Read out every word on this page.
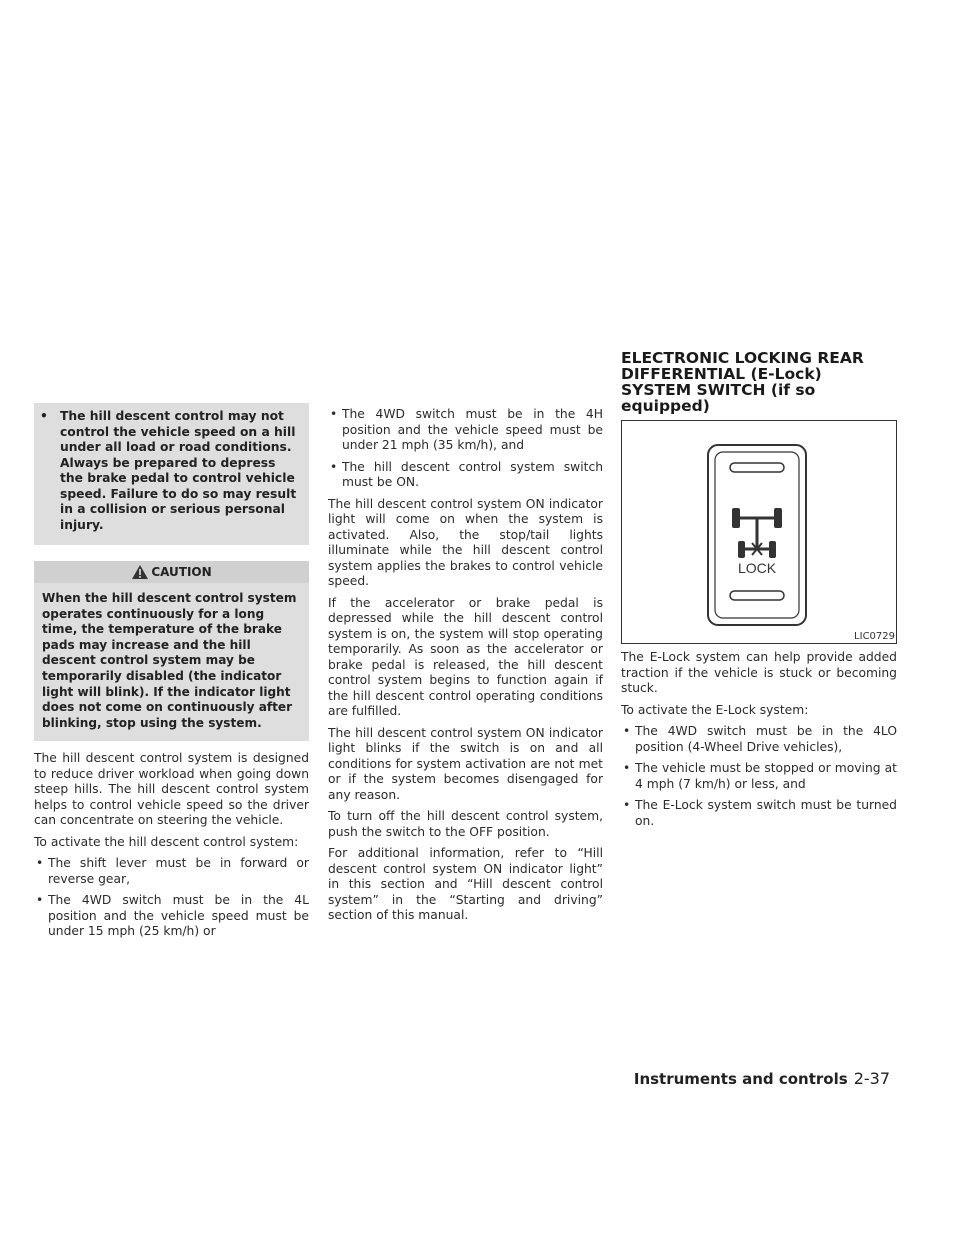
• The hill descent control may not control the vehicle speed on a hill under all load or road conditions. Always be prepared to depress the brake pedal to control vehicle speed. Failure to do so may result in a collision or serious personal injury.
CAUTION
When the hill descent control system operates continuously for a long time, the temperature of the brake pads may increase and the hill descent control system may be temporarily disabled (the indicator light will blink). If the indicator light does not come on continuously after blinking, stop using the system.

The hill descent control system is designed to reduce driver workload when going down steep hills. The hill descent control system helps to control vehicle speed so the driver can concentrate on steering the vehicle.

To activate the hill descent control system:

• The shift lever must be in forward or reverse gear,
• The 4WD switch must be in the 4L position and the vehicle speed must be under 15 mph (25 km/h) or
• The 4WD switch must be in the 4H position and the vehicle speed must be under 21 mph (35 km/h), and
• The hill descent control system switch must be ON.

The hill descent control system ON indicator light will come on when the system is activated. Also, the stop/tail lights illuminate while the hill descent control system applies the brakes to control vehicle speed.

If the accelerator or brake pedal is depressed while the hill descent control system is on, the system will stop operating temporarily. As soon as the accelerator or brake pedal is released, the hill descent control system begins to function again if the hill descent control operating conditions are fulfilled.

The hill descent control system ON indicator light blinks if the switch is on and all conditions for system activation are not met or if the system becomes disengaged for any reason.

To turn off the hill descent control system, push the switch to the OFF position.

For additional information, refer to “Hill descent control system ON indicator light” in this section and “Hill descent control system” in the “Starting and driving” section of this manual.

ELECTRONIC LOCKING REAR DIFFERENTIAL (E-Lock) SYSTEM SWITCH (if so equipped)
LOCK
LIC0729

The E-Lock system can help provide added traction if the vehicle is stuck or becoming stuck.

To activate the E-Lock system:

• The 4WD switch must be in the 4LO position (4-Wheel Drive vehicles),
• The vehicle must be stopped or moving at 4 mph (7 km/h) or less, and
• The E-Lock system switch must be turned on.
Instruments and controls 2-37
